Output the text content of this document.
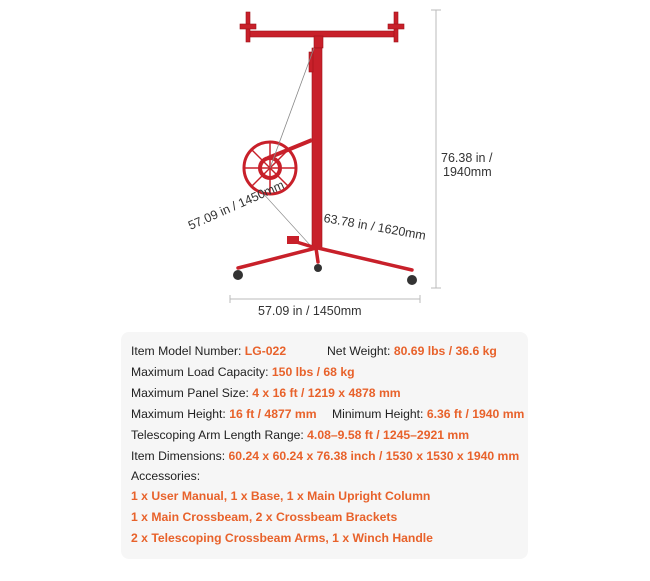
76.38 in /
1940mm
57.09 in / 1450mm	63.78 in / 1620mm
57.09 in / 1450mm
Item Model Number: LG-022	Net Weight: 80.69 lbs / 36.6 kg
Maximum Load Capacity: 150 lbs / 68 kg
Maximum Panel Size: 4 x 16 ft / 1219 x 4878 mm
Maximum Height: 16 ft / 4877 mm Minimum Height: 6.36 ft / 1940 mm
Telescoping Arm Length Range: 4.08–9.58 ft / 1245–2921 mm
Item Dimensions: 60.24 x 60.24 x 76.38 inch / 1530 x 1530 x 1940 mm
Accessories:
1 x User Manual, 1 x Base, 1 x Main Upright Column
1 x Main Crossbeam, 2 x Crossbeam Brackets
2 x Telescoping Crossbeam Arms, 1 x Winch Handle
